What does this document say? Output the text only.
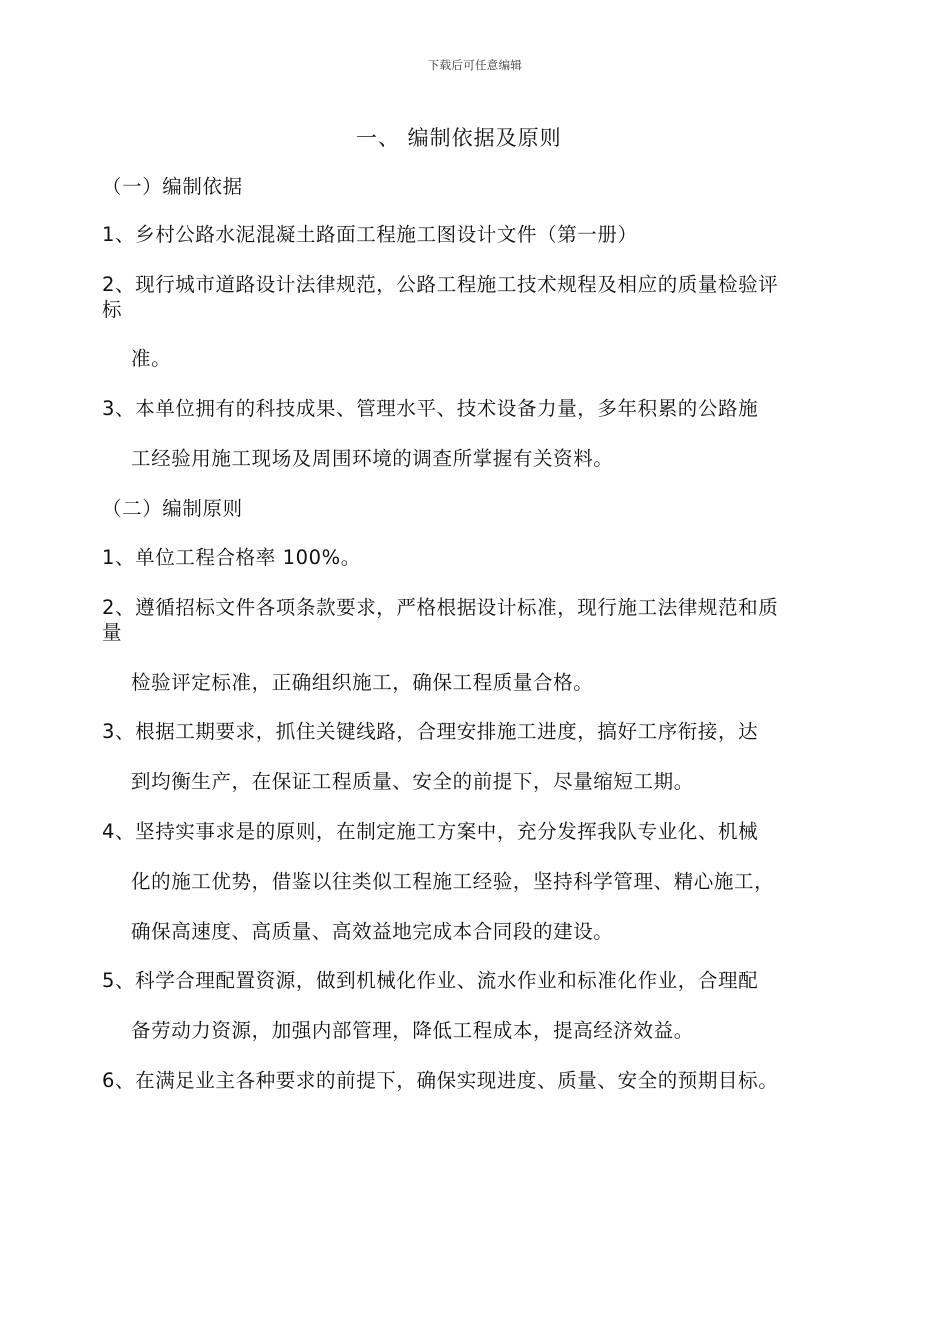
下载后可任意编辑
一、 编制依据及原则
（一）编制依据
1、乡村公路水泥混凝土路面工程施工图设计文件（第一册）
2、现行城市道路设计法律规范，公路工程施工技术规程及相应的质量检验评
标
准。
3、本单位拥有的科技成果、管理水平、技术设备力量，多年积累的公路施
工经验用施工现场及周围环境的调查所掌握有关资料。
（二）编制原则
1、单位工程合格率 100%。
2、遵循招标文件各项条款要求，严格根据设计标准，现行施工法律规范和质
量
检验评定标准，正确组织施工，确保工程质量合格。
3、根据工期要求，抓住关键线路，合理安排施工进度，搞好工序衔接，达
到均衡生产，在保证工程质量、安全的前提下，尽量缩短工期。
4、坚持实事求是的原则，在制定施工方案中，充分发挥我队专业化、机械
化的施工优势，借鉴以往类似工程施工经验，坚持科学管理、精心施工，
确保高速度、高质量、高效益地完成本合同段的建设。
5、科学合理配置资源，做到机械化作业、流水作业和标准化作业，合理配
备劳动力资源，加强内部管理，降低工程成本，提高经济效益。
6、在满足业主各种要求的前提下，确保实现进度、质量、安全的预期目标。
